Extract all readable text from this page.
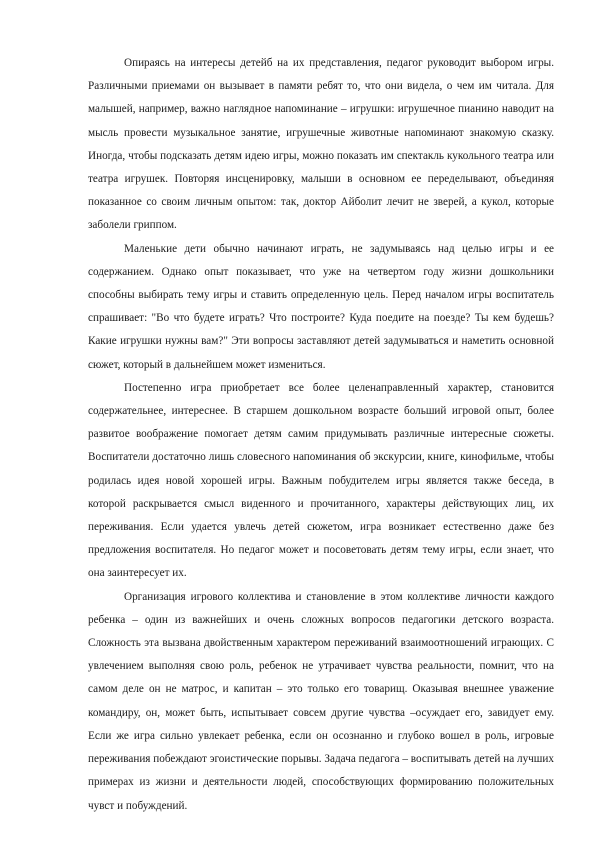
Опираясь на интересы детейб на их представления, педагог руководит выбором игры. Различными приемами он вызывает в памяти ребят то, что они видела, о чем им читала. Для малышей, например, важно наглядное напоминание – игрушки: игрушечное пианино наводит на мысль провести музыкальное занятие, игрушечные животные напоминают знакомую сказку. Иногда, чтобы подсказать детям идею игры, можно показать им спектакль кукольного театра или театра игрушек. Повторяя инсценировку, малыши в основном ее переделывают, объединяя показанное со своим личным опытом: так, доктор Айболит лечит не зверей, а кукол, которые заболели гриппом.

Маленькие дети обычно начинают играть, не задумываясь над целью игры и ее содержанием. Однако опыт показывает, что уже на четвертом году жизни дошкольники способны выбирать тему игры и ставить определенную цель. Перед началом игры воспитатель спрашивает: "Во что будете играть? Что построите? Куда поедите на поезде? Ты кем будешь? Какие игрушки нужны вам?" Эти вопросы заставляют детей задумываться и наметить основной сюжет, который в дальнейшем может измениться.

Постепенно игра приобретает все более целенаправленный характер, становится содержательнее, интереснее. В старшем дошкольном возрасте больший игровой опыт, более развитое воображение помогает детям самим придумывать различные интересные сюжеты. Воспитатели достаточно лишь словесного напоминания об экскурсии, книге, кинофильме, чтобы родилась идея новой хорошей игры. Важным побудителем игры является также беседа, в которой раскрывается смысл виденного и прочитанного, характеры действующих лиц, их переживания. Если удается увлечь детей сюжетом, игра возникает естественно даже без предложения воспитателя. Но педагог может и посоветовать детям тему игры, если знает, что она заинтересует их.

Организация игрового коллектива и становление в этом коллективе личности каждого ребенка – один из важнейших и очень сложных вопросов педагогики детского возраста. Сложность эта вызвана двойственным характером переживаний взаимоотношений играющих. С увлечением выполняя свою роль, ребенок не утрачивает чувства реальности, помнит, что на самом деле он не матрос, и капитан – это только его товарищ. Оказывая внешнее уважение командиру, он, может быть, испытывает совсем другие чувства –осуждает его, завидует ему. Если же игра сильно увлекает ребенка, если он осознанно и глубоко вошел в роль, игровые переживания побеждают эгоистические порывы. Задача педагога – воспитывать детей на лучших примерах из жизни и деятельности людей, способствующих формированию положительных чувст и побуждений.
